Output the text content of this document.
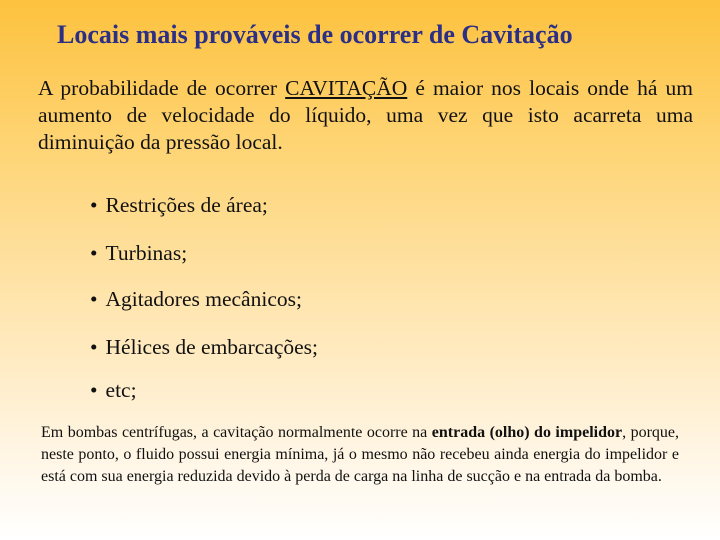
Locais mais prováveis de ocorrer de Cavitação
A probabilidade de ocorrer CAVITAÇÃO é maior nos locais onde há um aumento de velocidade do líquido, uma vez que isto acarreta uma diminuição da pressão local.
• Restrições de área;
• Turbinas;
• Agitadores mecânicos;
• Hélices de embarcações;
• etc;
Em bombas centrífugas, a cavitação normalmente ocorre na entrada (olho) do impelidor, porque, neste ponto, o fluido possui energia mínima, já o mesmo não recebeu ainda energia do impelidor e está com sua energia reduzida devido à perda de carga na linha de sucção e na entrada da bomba.
